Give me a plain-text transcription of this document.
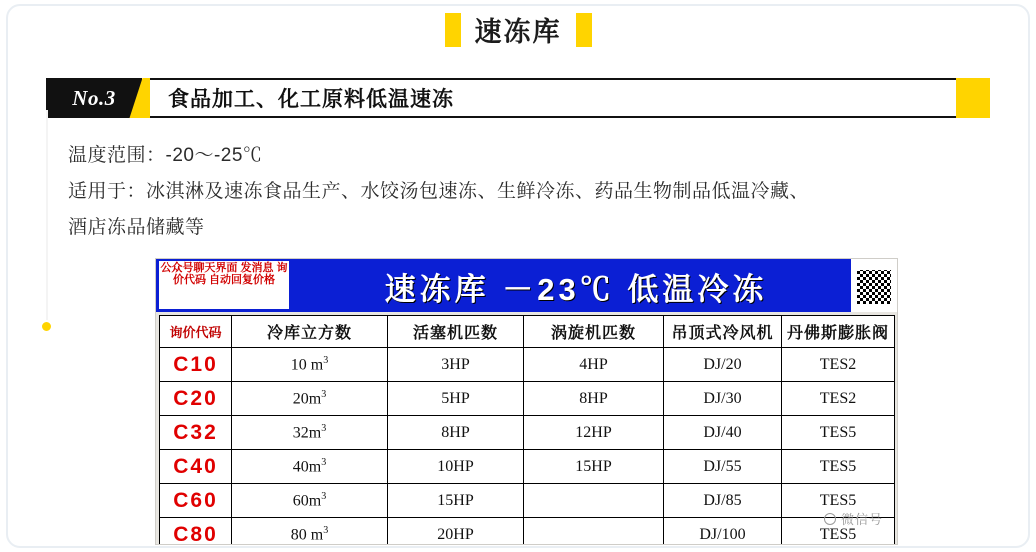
速冻库
No.3 食品加工、化工原料低温速冻
温度范围：-20～-25℃
适用于：冰淇淋及速冻食品生产、水饺汤包速冻、生鲜冷冻、药品生物制品低温冷藏、
酒店冻品储藏等
公众号聊天界面 发消息 询价代码 自动回复价格	速冻库 －23℃ 低温冷冻
询价代码	冷库立方数	活塞机匹数	涡旋机匹数	吊顶式冷风机	丹佛斯膨胀阀
C10	10 $m^3$	3HP	4HP	DJ/20	TES2
C20	$20m^3$	5HP	8HP	DJ/30	TES2
C32	$32m^3$	8HP	12HP	DJ/40	TES5
C40	$40m^3$	10HP	15HP	DJ/55	TES5
C60	$60m^3$	15HP		DJ/85	TES5
C80	80 $m^3$	20HP		DJ/100	TES5
微信号
